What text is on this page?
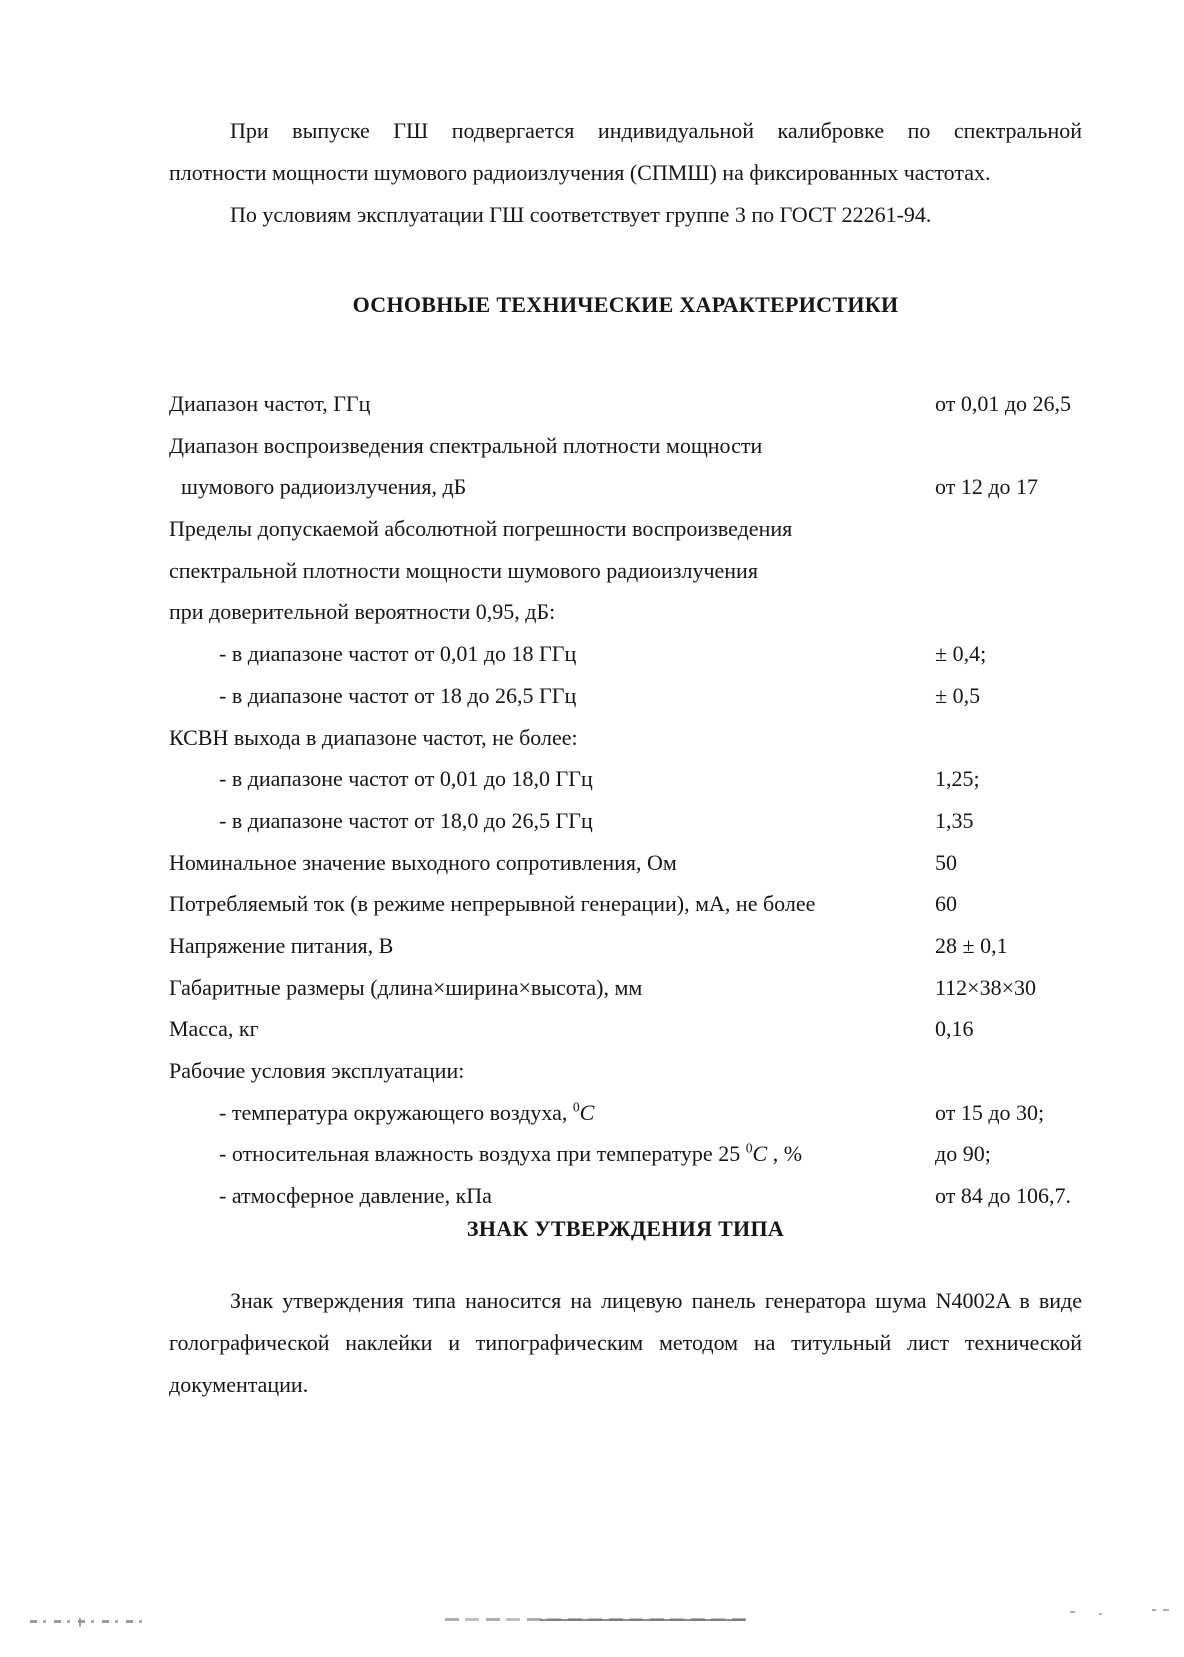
При выпуске ГШ подвергается индивидуальной калибровке по спектральной
плотности мощности шумового радиоизлучения (СПМШ) на фиксированных частотах.
По условиям эксплуатации ГШ соответствует группе 3 по ГОСТ 22261-94.
ОСНОВНЫЕ ТЕХНИЧЕСКИЕ ХАРАКТЕРИСТИКИ
Диапазон частот, ГГц	от 0,01 до 26,5
Диапазон воспроизведения спектральной плотности мощности
шумового радиоизлучения, дБ	от 12 до 17
Пределы допускаемой абсолютной погрешности воспроизведения
спектральной плотности мощности шумового радиоизлучения
при доверительной вероятности 0,95, дБ:
- в диапазоне частот от 0,01 до 18 ГГц	± 0,4;
- в диапазоне частот от 18 до 26,5 ГГц	± 0,5
КСВН выхода в диапазоне частот, не более:
- в диапазоне частот от 0,01 до 18,0 ГГц	1,25;
- в диапазоне частот от 18,0 до 26,5 ГГц	1,35
Номинальное значение выходного сопротивления, Ом	50
Потребляемый ток (в режиме непрерывной генерации), мА, не более	60
Напряжение питания, В	28 ± 0,1
Габаритные размеры (длина×ширина×высота), мм	112×38×30
Масса, кг	0,16
Рабочие условия эксплуатации:
- температура окружающего воздуха, $^0$C	от 15 до 30;
- относительная влажность воздуха при температуре 25 $^0$C , %	до 90;
- атмосферное давление, кПа	от 84 до 106,7.
ЗНАК УТВЕРЖДЕНИЯ ТИПА
Знак утверждения типа наносится на лицевую панель генератора шума N4002A в виде
голографической наклейки и типографическим методом на титульный лист технической
документации.
